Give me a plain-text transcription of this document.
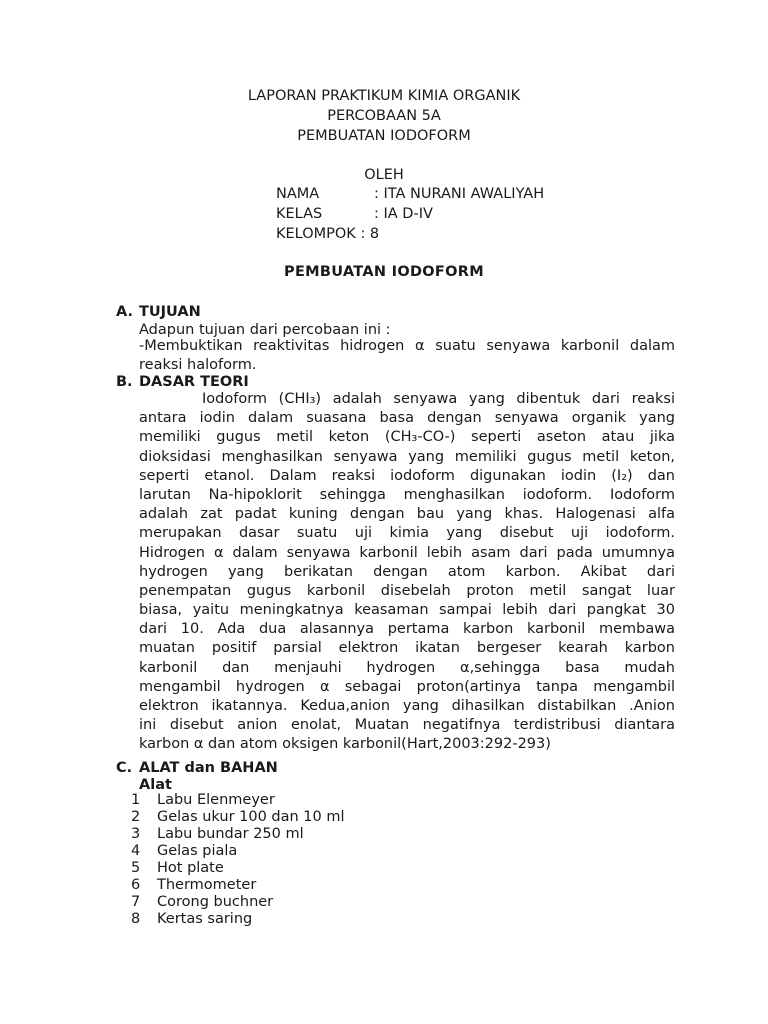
LAPORAN PRAKTIKUM KIMIA ORGANIK
PERCOBAAN 5A
PEMBUATAN IODOFORM
OLEH
NAMA	: ITA NURANI AWALIYAH
KELAS	: IA D-IV
KELOMPOK : 8
PEMBUATAN IODOFORM
A. TUJUAN
Adapun tujuan dari percobaan ini :
-Membuktikan reaktivitas hidrogen α suatu senyawa karbonil dalam
reaksi haloform.
B. DASAR TEORI
Iodoform (CHI₃) adalah senyawa yang dibentuk dari reaksi
antara iodin dalam suasana basa dengan senyawa organik yang
memiliki gugus metil keton (CH₃-CO-) seperti aseton atau jika
dioksidasi menghasilkan senyawa yang memiliki gugus metil keton,
seperti etanol. Dalam reaksi iodoform digunakan iodin (I₂) dan
larutan Na-hipoklorit sehingga menghasilkan iodoform. Iodoform
adalah zat padat kuning dengan bau yang khas. Halogenasi alfa
merupakan dasar suatu uji kimia yang disebut uji iodoform.
Hidrogen α dalam senyawa karbonil lebih asam dari pada umumnya
hydrogen yang berikatan dengan atom karbon. Akibat dari
penempatan gugus karbonil disebelah proton metil sangat luar
biasa, yaitu meningkatnya keasaman sampai lebih dari pangkat 30
dari 10. Ada dua alasannya pertama karbon karbonil membawa
muatan positif parsial elektron ikatan bergeser kearah karbon
karbonil dan menjauhi hydrogen α,sehingga basa mudah
mengambil hydrogen α sebagai proton(artinya tanpa mengambil
elektron ikatannya. Kedua,anion yang dihasilkan distabilkan .Anion
ini disebut anion enolat, Muatan negatifnya terdistribusi diantara
karbon α dan atom oksigen karbonil(Hart,2003:292-293)
C. ALAT dan BAHAN
Alat
1 Labu Elenmeyer
2 Gelas ukur 100 dan 10 ml
3 Labu bundar 250 ml
4 Gelas piala
5 Hot plate
6 Thermometer
7 Corong buchner
8 Kertas saring
